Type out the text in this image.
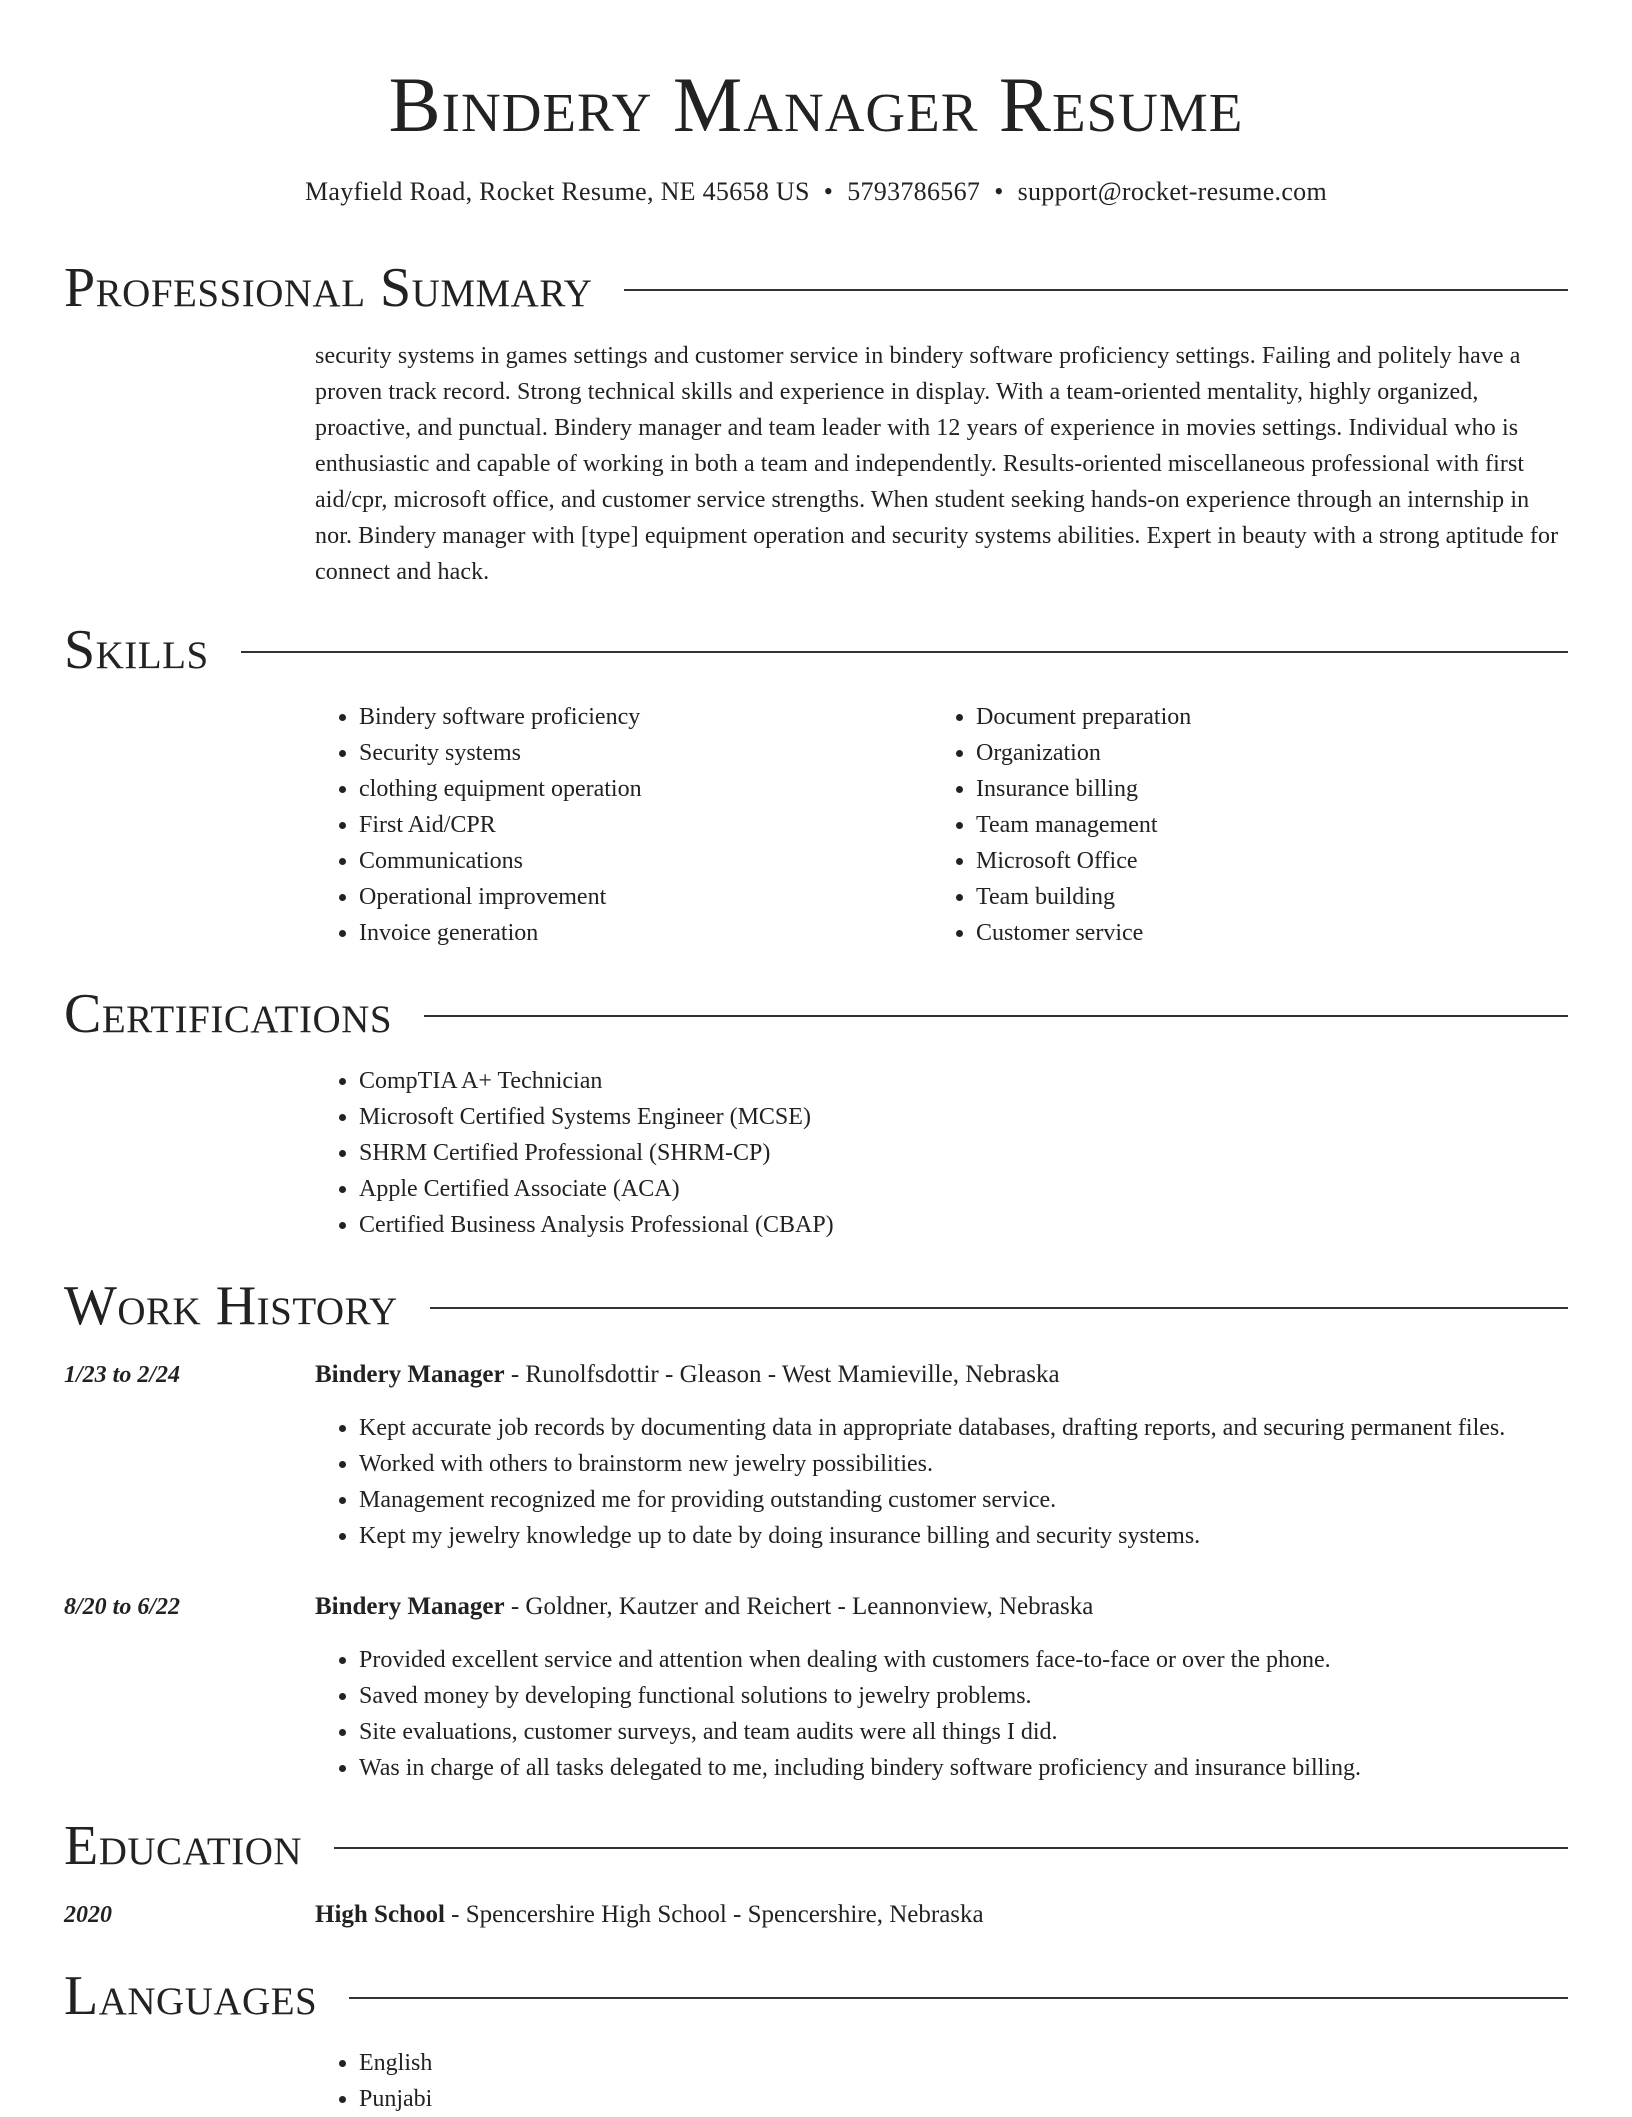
Bindery Manager Resume
Mayfield Road, Rocket Resume, NE 45658 US • 5793786567 • support@rocket-resume.com
Professional Summary
security systems in games settings and customer service in bindery software proficiency settings. Failing and politely have a proven track record. Strong technical skills and experience in display. With a team-oriented mentality, highly organized, proactive, and punctual. Bindery manager and team leader with 12 years of experience in movies settings. Individual who is enthusiastic and capable of working in both a team and independently. Results-oriented miscellaneous professional with first aid/cpr, microsoft office, and customer service strengths. When student seeking hands-on experience through an internship in nor. Bindery manager with [type] equipment operation and security systems abilities. Expert in beauty with a strong aptitude for connect and hack.
Skills
• Bindery software proficiency
• Security systems
• clothing equipment operation
• First Aid/CPR
• Communications
• Operational improvement
• Invoice generation
• Document preparation
• Organization
• Insurance billing
• Team management
• Microsoft Office
• Team building
• Customer service
Certifications
• CompTIA A+ Technician
• Microsoft Certified Systems Engineer (MCSE)
• SHRM Certified Professional (SHRM-CP)
• Apple Certified Associate (ACA)
• Certified Business Analysis Professional (CBAP)
Work History
1/23 to 2/24	Bindery Manager - Runolfsdottir - Gleason - West Mamieville, Nebraska
• Kept accurate job records by documenting data in appropriate databases, drafting reports, and securing permanent files.
• Worked with others to brainstorm new jewelry possibilities.
• Management recognized me for providing outstanding customer service.
• Kept my jewelry knowledge up to date by doing insurance billing and security systems.
8/20 to 6/22	Bindery Manager - Goldner, Kautzer and Reichert - Leannonview, Nebraska
• Provided excellent service and attention when dealing with customers face-to-face or over the phone.
• Saved money by developing functional solutions to jewelry problems.
• Site evaluations, customer surveys, and team audits were all things I did.
• Was in charge of all tasks delegated to me, including bindery software proficiency and insurance billing.
Education
2020	High School - Spencershire High School - Spencershire, Nebraska
Languages
• English
• Punjabi
